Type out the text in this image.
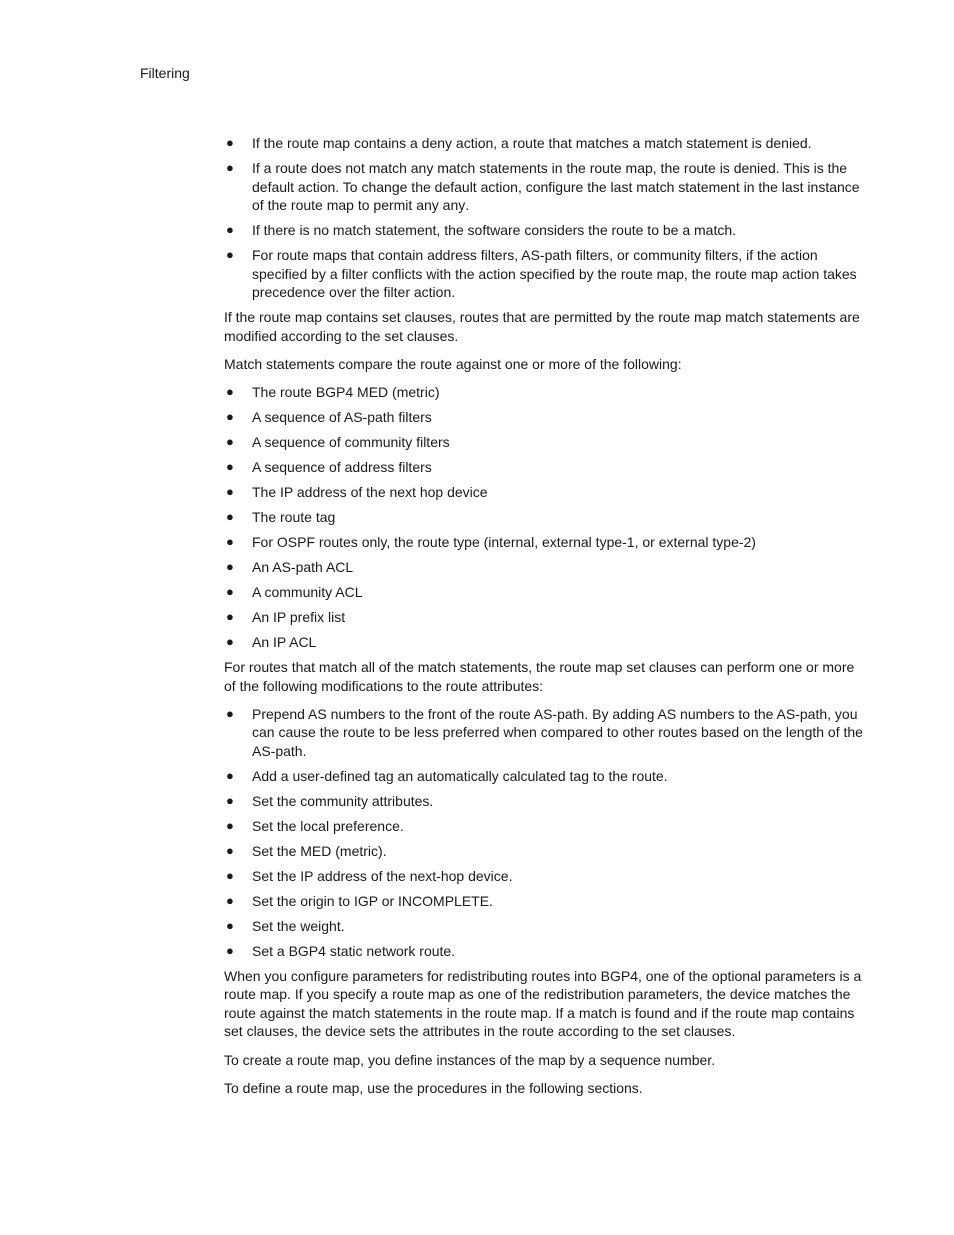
Filtering
● If the route map contains a deny action, a route that matches a match statement is denied.
● If a route does not match any match statements in the route map, the route is denied. This is the default action. To change the default action, configure the last match statement in the last instance of the route map to permit any any.
● If there is no match statement, the software considers the route to be a match.
● For route maps that contain address filters, AS-path filters, or community filters, if the action specified by a filter conflicts with the action specified by the route map, the route map action takes precedence over the filter action.

If the route map contains set clauses, routes that are permitted by the route map match statements are modified according to the set clauses.

Match statements compare the route against one or more of the following:

● The route BGP4 MED (metric)
● A sequence of AS-path filters
● A sequence of community filters
● A sequence of address filters
● The IP address of the next hop device
● The route tag
● For OSPF routes only, the route type (internal, external type-1, or external type-2)
● An AS-path ACL
● A community ACL
● An IP prefix list
● An IP ACL

For routes that match all of the match statements, the route map set clauses can perform one or more of the following modifications to the route attributes:

● Prepend AS numbers to the front of the route AS-path. By adding AS numbers to the AS-path, you can cause the route to be less preferred when compared to other routes based on the length of the AS-path.
● Add a user-defined tag an automatically calculated tag to the route.
● Set the community attributes.
● Set the local preference.
● Set the MED (metric).
● Set the IP address of the next-hop device.
● Set the origin to IGP or INCOMPLETE.
● Set the weight.
● Set a BGP4 static network route.

When you configure parameters for redistributing routes into BGP4, one of the optional parameters is a route map. If you specify a route map as one of the redistribution parameters, the device matches the route against the match statements in the route map. If a match is found and if the route map contains set clauses, the device sets the attributes in the route according to the set clauses.

To create a route map, you define instances of the map by a sequence number.

To define a route map, use the procedures in the following sections.
